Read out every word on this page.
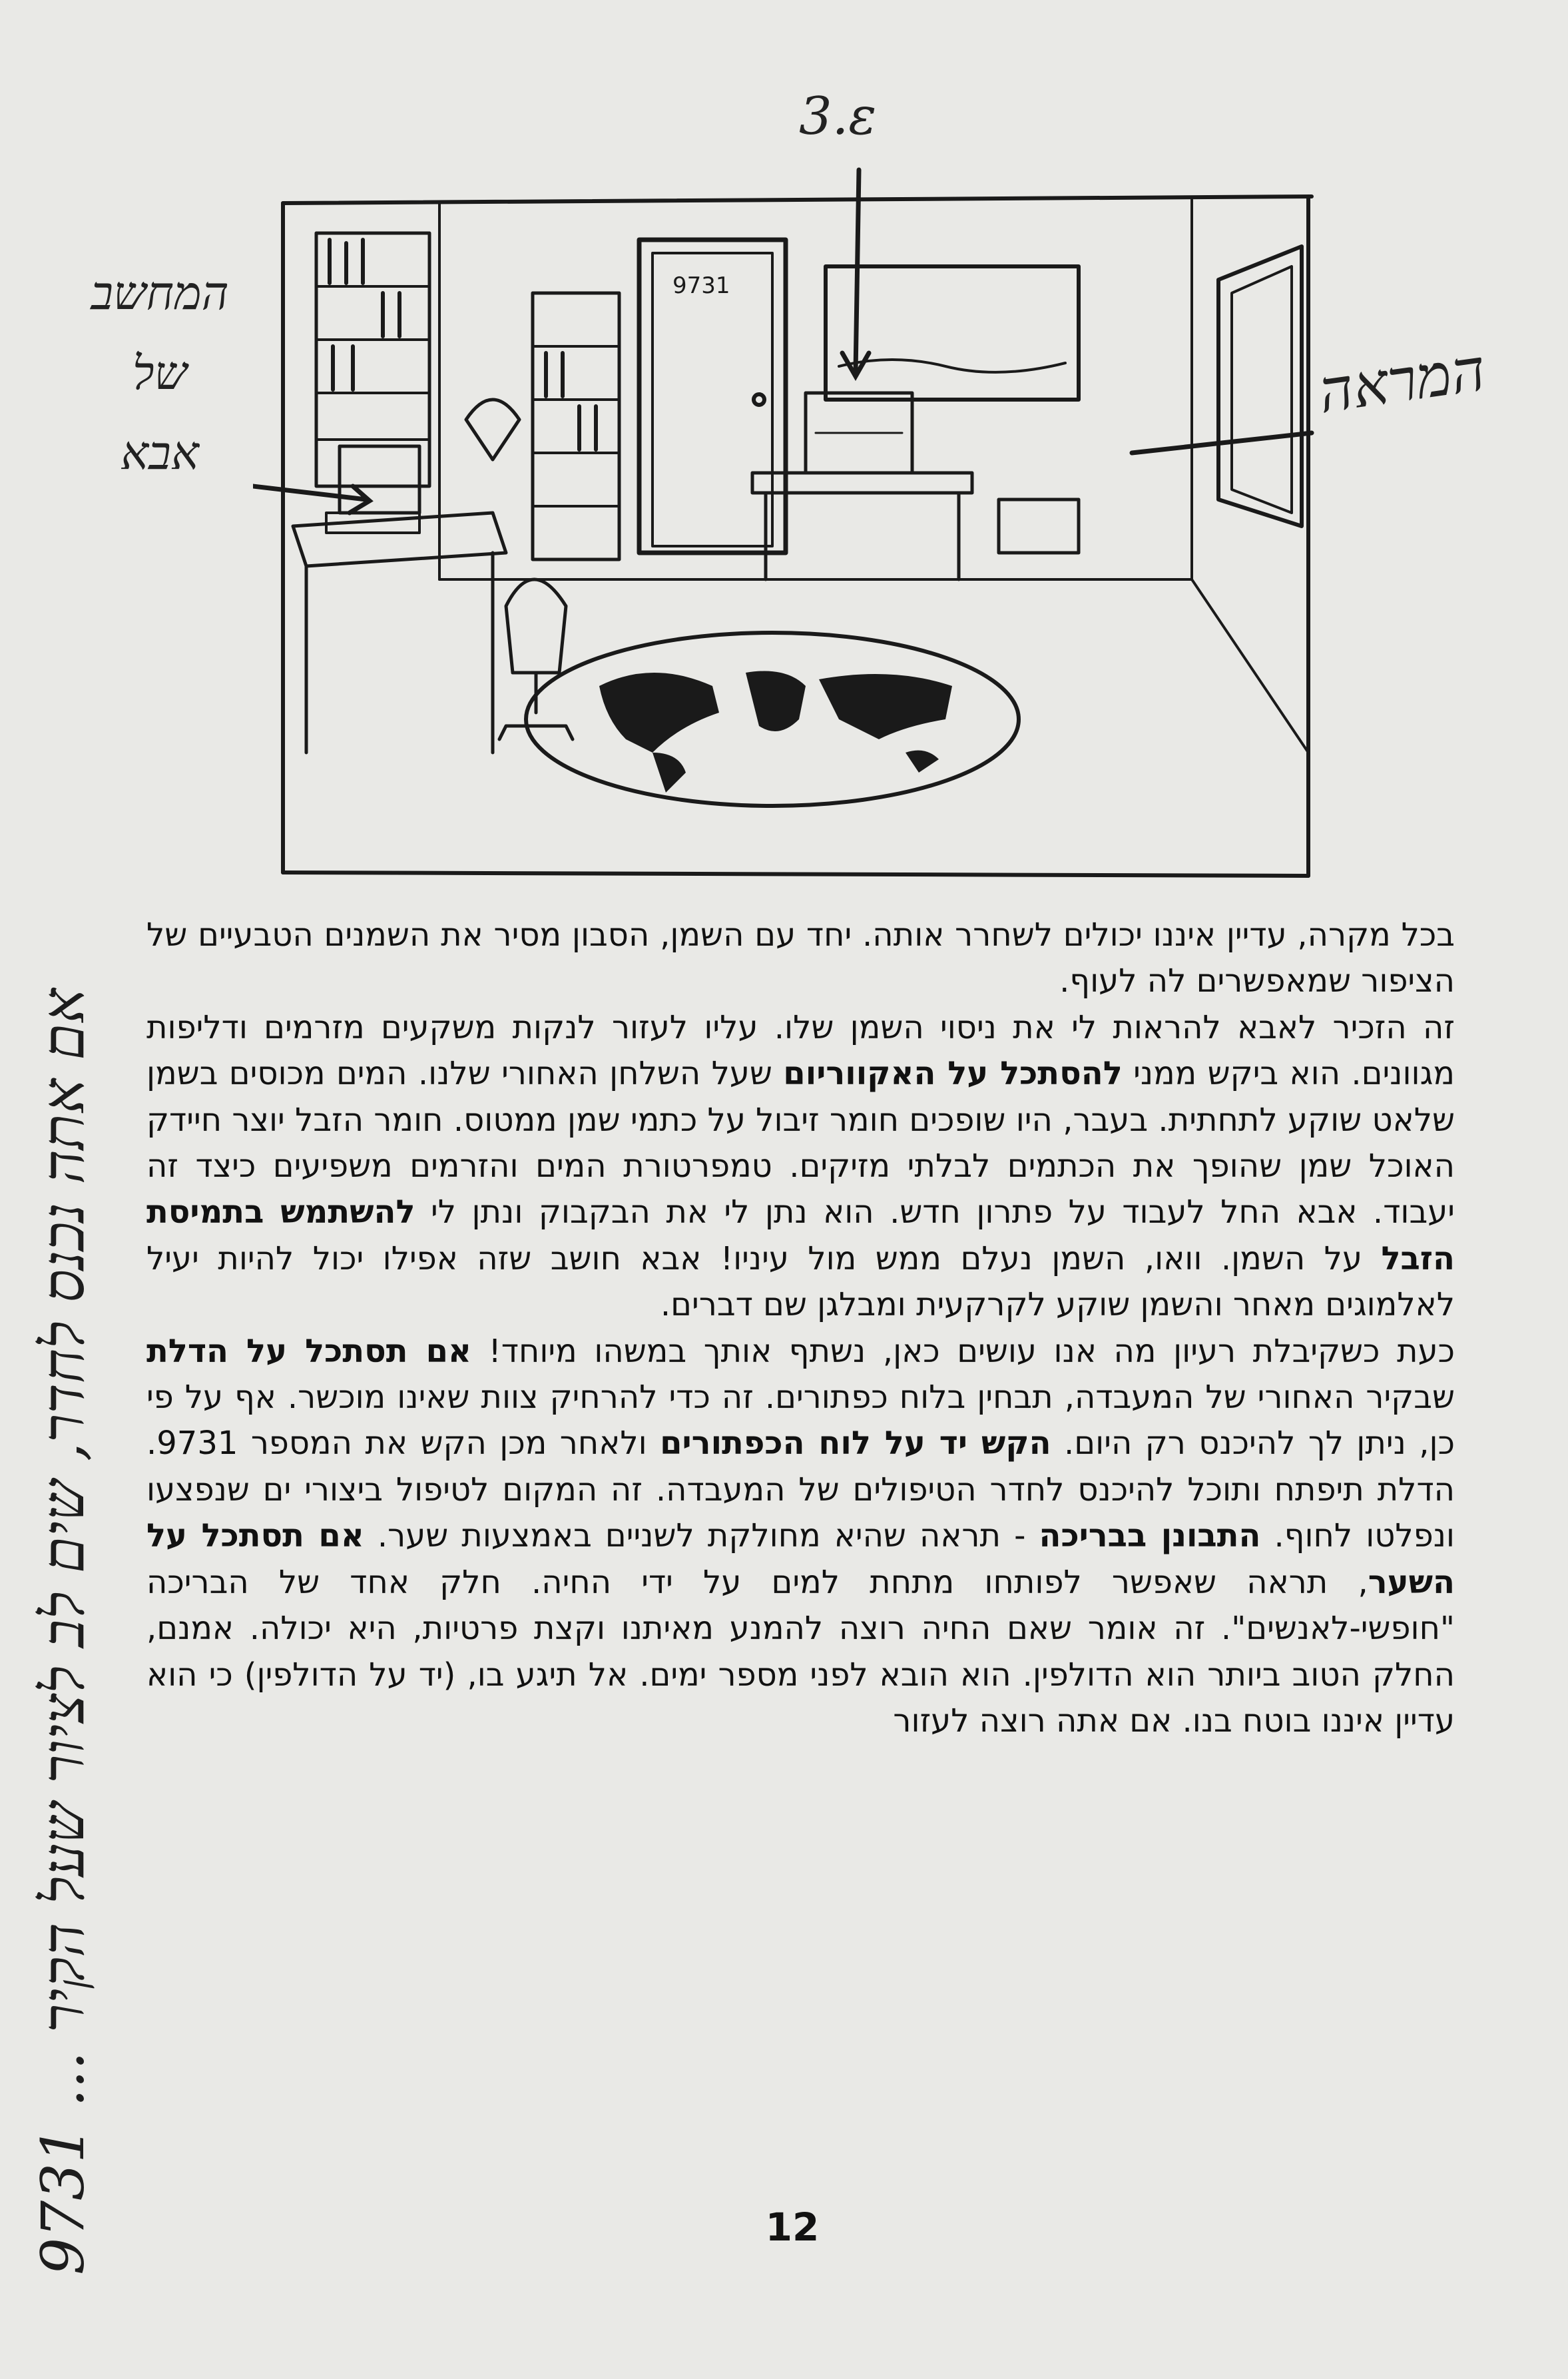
9731
המחשב
של
אבא
המראה
3.ε
אם אתה נכנס לחדר, שים לב לציור שעל הקיר ... 9731

בכל מקרה, עדיין איננו יכולים לשחרר אותה. יחד עם השמן, הסבון מסיר את השמנים הטבעיים של הציפור שמאפשרים לה לעוף.

זה הזכיר לאבא להראות לי את ניסוי השמן שלו. עליו לעזור לנקות משקעים מזרמים ודליפות מגוונים. הוא ביקש ממני להסתכל על האקווריום שעל השלחן האחורי שלנו. המים מכוסים בשמן שלאט שוקע לתחתית. בעבר, היו שופכים חומר זיבול על כתמי שמן ממטוס. חומר הזבל יוצר חיידק האוכל שמן שהופך את הכתמים לבלתי מזיקים. טמפרטורת המים והזרמים משפיעים כיצד זה יעבוד. אבא החל לעבוד על פתרון חדש. הוא נתן לי את הבקבוק ונתן לי להשתמש בתמיסת הזבל על השמן. וואו, השמן נעלם ממש מול עיניו! אבא חושב שזה אפילו יכול להיות יעיל לאלמוגים מאחר והשמן שוקע לקרקעית ומבלגן שם דברים.

כעת כשקיבלת רעיון מה אנו עושים כאן, נשתף אותך במשהו מיוחד! אם תסתכל על הדלת שבקיר האחורי של המעבדה, תבחין בלוח כפתורים. זה כדי להרחיק צוות שאינו מוכשר. אף על פי כן, ניתן לך להיכנס רק היום. הקש יד על לוח הכפתורים ולאחר מכן הקש את המספר 9731. הדלת תיפתח ותוכל להיכנס לחדר הטיפולים של המעבדה. זה המקום לטיפול ביצורי ים שנפצעו ונפלטו לחוף. התבונן בבריכה - תראה שהיא מחולקת לשניים באמצעות שער. אם תסתכל על השער, תראה שאפשר לפותחו מתחת למים על ידי החיה. חלק אחד של הבריכה "חופשי-לאנשים". זה אומר שאם החיה רוצה להמנע מאיתנו וקצת פרטיות, היא יכולה. אמנם, החלק הטוב ביותר הוא הדולפין. הוא הובא לפני מספר ימים. אל תיגע בו, (יד על הדולפין) כי הוא עדיין איננו בוטח בנו. אם אתה רוצה לעזור

12
